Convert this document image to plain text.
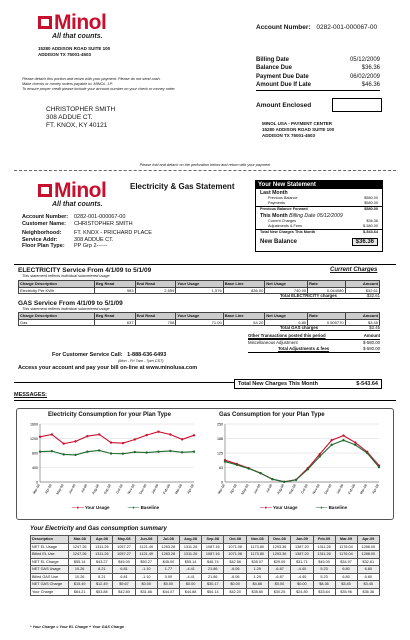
Minol
All that counts.
15280 ADDISON ROAD SUITE 100
ADDISON TX 75001-4503
Please detach this portion and return with your payment. Please do not send cash.
Make checks or money orders payable to: MINOL, LP.
To ensure proper credit please include your account number on your check or money order.
CHRISTOPHER SMITH
308 ADDUE CT.
FT. KNOX, KY 40121
Account Number: 0282-001-000067-00
Billing Date	05/12/2009
Balance Due	$36.36
Payment Due Date	06/02/2009
Amount Due If Late	$46.36
Amount Enclosed
MINOL USA - PAYMENT CENTER
15280 ADDISON ROAD SUITE 100
ADDISON TX 75001-4503
Please fold and detach on the perforation below and return with your payment
Minol
All that counts.
Electricity & Gas Statement
Account Number: 0282-001-000067-00
Customer Name: CHRISTOPHER SMITH
Neighborhood: FT. KNOX - PRICHARD PLACE
Service Addr:	308 ADDUE CT.
Floor Plan Type: PP Grp 2------
Your New Statement
Last Month
Previous Balance	$580.00
Payments	$580.00
Previous Balance Forward	$580.00
This Month Billing Date 05/12/2009
Current Charges	$36.36
Adjustments & Fees	$-580.00
Total New Charges This Month	$-543.64
New Balance	$36.36
ELECTRICITY Service From 4/1/09 to 5/1/09	Current Charges
This statement reflects individual submetered usage
Charge Description	Beg Read	End Read	Your Usage	Base Line	Net Usage	Rate	Amount
Electricity Per KWh	983	2,559	1,576	836.00	740.00	0.044080	$32.61
Total ELECTRICITY charges	$32.61
GAS Service From 4/1/09 to 5/1/09
This statement reflects individual submetered usage
Charge Description	Beg Read	End Read	Your Usage	Base Line	Net Usage	Rate	Amount
Gas	637	708	71.00	64.20	6.80	0.505770	$3.45
Total GAS charges	$3.45
Other Transactions posted this period	Amount
Miscellaneous Adjustment	$-580.00
Total Adjustments & fees	$-580.00
For Customer Service Call: 1-888-636-6493
(Mon - Fri 7am - 7pm CST)
Access your account and pay your bill on-line at www.minolusa.com
Total New Charges This Month	$-543.64
MESSAGES:
Electricity Consumption for your Plan Type	Gas Consumption for your Plan Type
0
400
800
1200
1600
Mar-08 Apr-08 May-08 Jun-08 Jul-08 Aug-08 Sep-08 Oct-08 Nov-08 Dec-08 Jan-09 Feb-09 Mar-09 Apr-09
0
63
125
188
250
Mar-08 Apr-08 May-08 Jun-08 Jul-08 Aug-08 Sep-08 Oct-08 Nov-08 Dec-08 Jan-09 Feb-09 Mar-09 Apr-09
—●— Your Usage	—●— Baseline	—●— Your Usage	—●— Baseline
Your Electricity and Gas consumption summary
Description	Mar-08	Apr-08	May-08	Jun-08	Jul-08	Aug-08	Sep-08	Oct-08	Nov-08	Dec-08	Jan-09	Feb-09	Mar-09	Apr-09
NET EL Usage	1247.26	1311.26	1057.27	1121.49	1263.28	1311.26	1087.16	1071.08	1173.80	1293.36	1387.20	1311.26	1176.04	1288.00
Billed EL Use	1247.26	1311.26	1057.27	1121.49	1263.28	1311.26	1087.16	1071.08	1173.80	1293.36	1387.20	1311.26	1176.04	1288.00
NET EL Charge	$55.14	$43.27	$45.00	$50.27	$45.00	$55.14	$46.74	$42.56	$35.07	$29.05	$31.71	$45.00	$34.97	$32.61
NET GAS Usage	10.26	8.21	6.81	-1.10	1.77	-4.41	21.86	-6.06	1.29	-6.87	-4.40	5.23	6.80	6.80
Billed GAS Use	10.26	8.21	6.81	-1.10	0.00	-4.41	21.86	-6.06	1.29	-6.87	-4.40	5.23	6.80	6.80
NET GAS Charge	$15.49	$12.49	$9.67	$0.00	$0.00	$0.00	$30.17	$0.00	$4.86	$0.00	$0.00	$8.36	$3.45	$3.45
Your Charge	$64.21	$53.88	$42.80	$31.66	$44.07	$44.88	$54.14	$42.20	$35.80	$30.25	$24.80	$33.64	$35.96	$36.36
* Your Charge = Your EL Charge + Your GAS Charge
